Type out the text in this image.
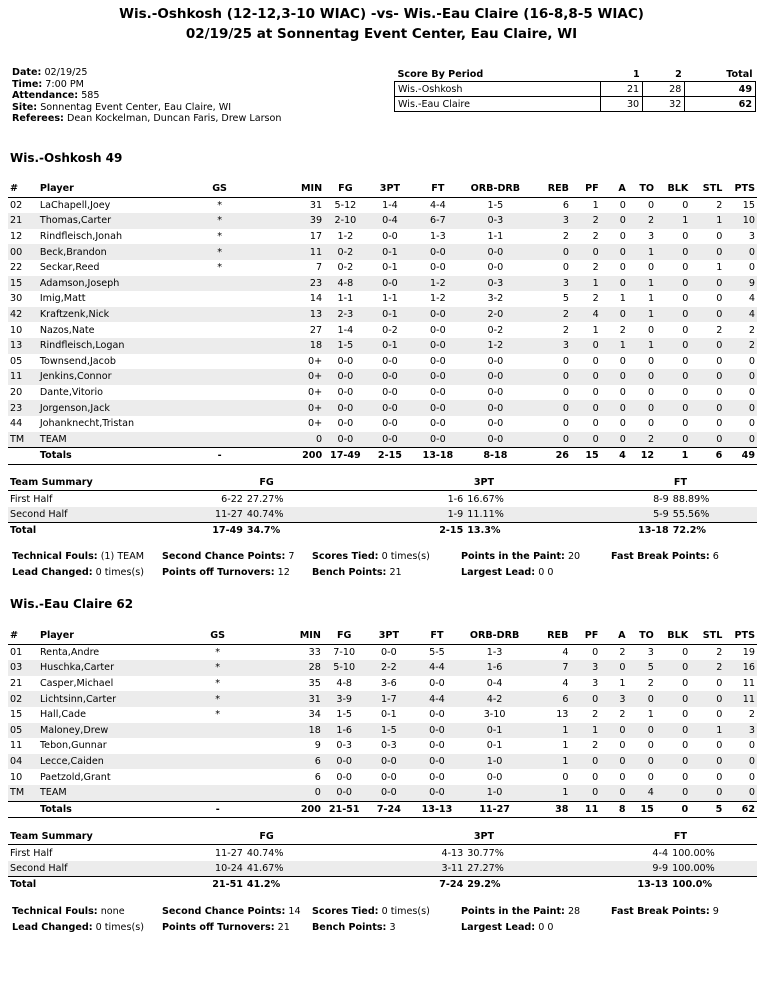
Wis.-Oshkosh (12-12,3-10 WIAC) -vs- Wis.-Eau Claire (16-8,8-5 WIAC)
02/19/25 at Sonnentag Event Center, Eau Claire, WI
Date: 02/19/25
Time: 7:00 PM
Attendance: 585
Site: Sonnentag Event Center, Eau Claire, WI
Referees: Dean Kockelman, Duncan Faris, Drew Larson
Score By Period	1	2	Total
Wis.-Oshkosh	21	28	49
Wis.-Eau Claire	30	32	62
Wis.-Oshkosh 49
#	Player	GS	MIN	FG	3PT	FT	ORB-DRB	REB	PF	A	TO	BLK	STL	PTS
02	LaChapell,Joey	*	31	5-12	1-4	4-4	1-5	6	1	0	0	0	2	15
21	Thomas,Carter	*	39	2-10	0-4	6-7	0-3	3	2	0	2	1	1	10
12	Rindfleisch,Jonah	*	17	1-2	0-0	1-3	1-1	2	2	0	3	0	0	3
00	Beck,Brandon	*	11	0-2	0-1	0-0	0-0	0	0	0	1	0	0	0
22	Seckar,Reed	*	7	0-2	0-1	0-0	0-0	0	2	0	0	0	1	0
15	Adamson,Joseph		23	4-8	0-0	1-2	0-3	3	1	0	1	0	0	9
30	Imig,Matt		14	1-1	1-1	1-2	3-2	5	2	1	1	0	0	4
42	Kraftzenk,Nick		13	2-3	0-1	0-0	2-0	2	4	0	1	0	0	4
10	Nazos,Nate		27	1-4	0-2	0-0	0-2	2	1	2	0	0	2	2
13	Rindfleisch,Logan		18	1-5	0-1	0-0	1-2	3	0	1	1	0	0	2
05	Townsend,Jacob		0+	0-0	0-0	0-0	0-0	0	0	0	0	0	0	0
11	Jenkins,Connor		0+	0-0	0-0	0-0	0-0	0	0	0	0	0	0	0
20	Dante,Vitorio		0+	0-0	0-0	0-0	0-0	0	0	0	0	0	0	0
23	Jorgenson,Jack		0+	0-0	0-0	0-0	0-0	0	0	0	0	0	0	0
44	Johanknecht,Tristan		0+	0-0	0-0	0-0	0-0	0	0	0	0	0	0	0
TM	TEAM		0	0-0	0-0	0-0	0-0	0	0	0	2	0	0	0
	Totals	-	200	17-49	2-15	13-18	8-18	26	15	4	12	1	6	49
Team Summary	FG		3PT		FT	
First Half	6-22	27.27%	1-6	16.67%	8-9	88.89%
Second Half	11-27	40.74%	1-9	11.11%	5-9	55.56%
Total	17-49	34.7%	2-15	13.3%	13-18	72.2%
Technical Fouls: (1) TEAM Second Chance Points: 7 Scores Tied: 0 times(s)	Points in the Paint: 20	Fast Break Points: 6
Lead Changed: 0 times(s) Points off Turnovers: 12 Bench Points: 21	Largest Lead: 0 0
Wis.-Eau Claire 62
#	Player	GS	MIN	FG	3PT	FT	ORB-DRB	REB	PF	A	TO	BLK	STL	PTS
01	Renta,Andre	*	33	7-10	0-0	5-5	1-3	4	0	2	3	0	2	19
03	Huschka,Carter	*	28	5-10	2-2	4-4	1-6	7	3	0	5	0	2	16
21	Casper,Michael	*	35	4-8	3-6	0-0	0-4	4	3	1	2	0	0	11
02	Lichtsinn,Carter	*	31	3-9	1-7	4-4	4-2	6	0	3	0	0	0	11
15	Hall,Cade	*	34	1-5	0-1	0-0	3-10	13	2	2	1	0	0	2
05	Maloney,Drew		18	1-6	1-5	0-0	0-1	1	1	0	0	0	1	3
11	Tebon,Gunnar		9	0-3	0-3	0-0	0-1	1	2	0	0	0	0	0
04	Lecce,Caiden		6	0-0	0-0	0-0	1-0	1	0	0	0	0	0	0
10	Paetzold,Grant		6	0-0	0-0	0-0	0-0	0	0	0	0	0	0	0
TM	TEAM		0	0-0	0-0	0-0	1-0	1	0	0	4	0	0	0
	Totals	-	200	21-51	7-24	13-13	11-27	38	11	8	15	0	5	62
Team Summary	FG		3PT		FT	
First Half	11-27	40.74%	4-13	30.77%	4-4	100.00%
Second Half	10-24	41.67%	3-11	27.27%	9-9	100.00%
Total	21-51	41.2%	7-24	29.2%	13-13	100.0%
Technical Fouls: none	Second Chance Points: 14 Scores Tied: 0 times(s)	Points in the Paint: 28	Fast Break Points: 9
Lead Changed: 0 times(s) Points off Turnovers: 21 Bench Points: 3	Largest Lead: 0 0
